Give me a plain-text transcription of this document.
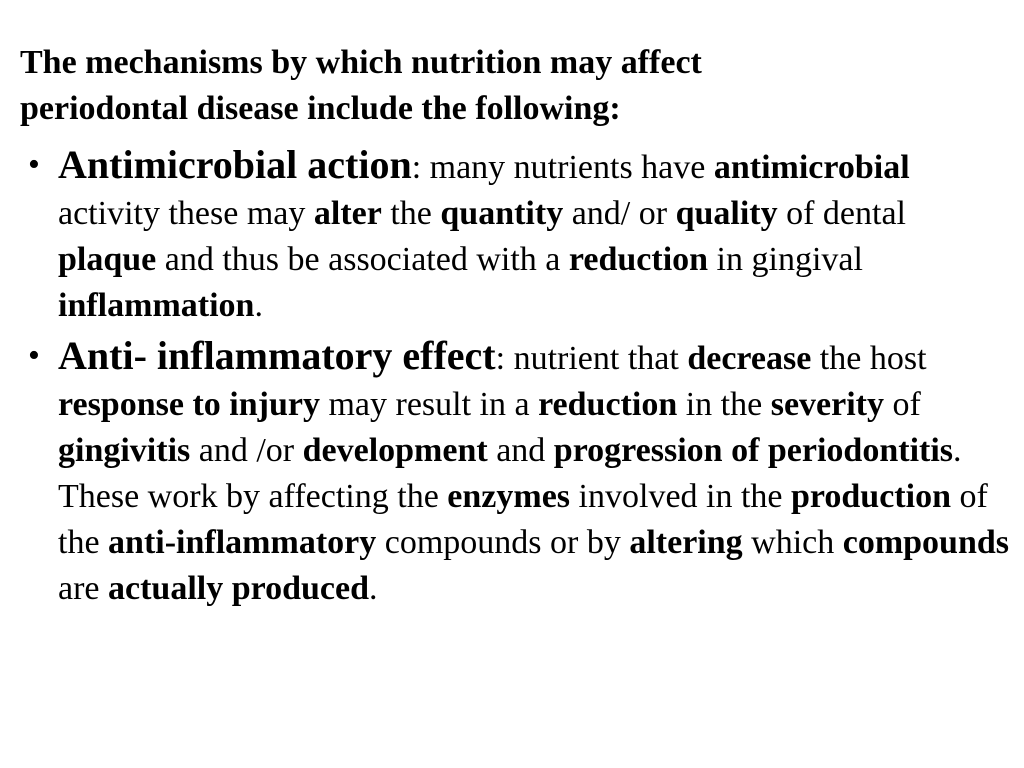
The mechanisms by which nutrition may affect
periodontal disease include the following:

• Antimicrobial action: many nutrients have antimicrobial activity these may alter the quantity and/ or quality of dental plaque and thus be associated with a reduction in gingival inflammation.
• Anti- inflammatory effect: nutrient that decrease the host response to injury may result in a reduction in the severity of gingivitis and /or development and progression of periodontitis. These work by affecting the enzymes involved in the production of the anti-inflammatory compounds or by altering which compounds are actually produced.
